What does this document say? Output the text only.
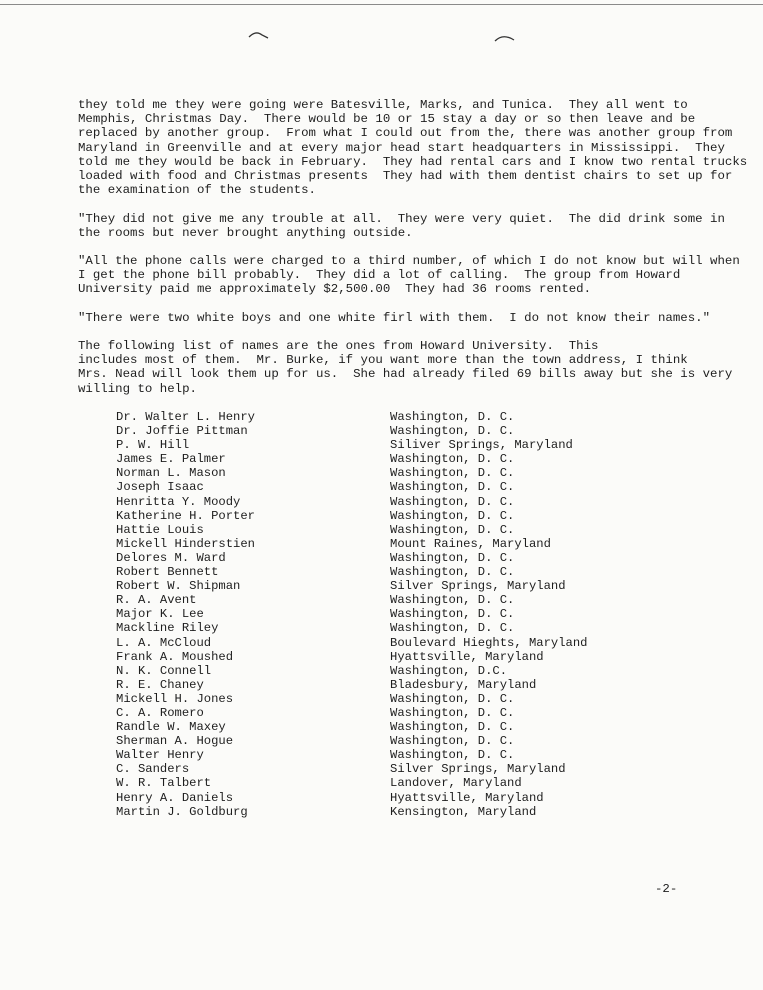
they told me they were going were Batesville, Marks, and Tunica.  They all went to
Memphis, Christmas Day.  There would be 10 or 15 stay a day or so then leave and be
replaced by another group.  From what I could out from the, there was another group from
Maryland in Greenville and at every major head start headquarters in Mississippi.  They
told me they would be back in February.  They had rental cars and I know two rental trucks
loaded with food and Christmas presents  They had with them dentist chairs to set up for
the examination of the students.

"They did not give me any trouble at all.  They were very quiet.  The did drink some in
the rooms but never brought anything outside.

"All the phone calls were charged to a third number, of which I do not know but will when
I get the phone bill probably.  They did a lot of calling.  The group from Howard
University paid me approximately $2,500.00  They had 36 rooms rented.

"There were two white boys and one white firl with them.  I do not know their names."

The following list of names are the ones from Howard University.  This
includes most of them.  Mr. Burke, if you want more than the town address, I think
Mrs. Nead will look them up for us.  She had already filed 69 bills away but she is very
willing to help.

Dr. Walter L. Henry	Washington, D. C.
Dr. Joffie Pittman	Washington, D. C.
P. W. Hill	Siliver Springs, Maryland
James E. Palmer	Washington, D. C.
Norman L. Mason	Washington, D. C.
Joseph Isaac	Washington, D. C.
Henritta Y. Moody	Washington, D. C.
Katherine H. Porter	Washington, D. C.
Hattie Louis	Washington, D. C.
Mickell Hinderstien	Mount Raines, Maryland
Delores M. Ward	Washington, D. C.
Robert Bennett	Washington, D. C.
Robert W. Shipman	Silver Springs, Maryland
R. A. Avent	Washington, D. C.
Major K. Lee	Washington, D. C.
Mackline Riley	Washington, D. C.
L. A. McCloud	Boulevard Hieghts, Maryland
Frank A. Moushed	Hyattsville, Maryland
N. K. Connell	Washington, D.C.
R. E. Chaney	Bladesbury, Maryland
Mickell H. Jones	Washington, D. C.
C. A. Romero	Washington, D. C.
Randle W. Maxey	Washington, D. C.
Sherman A. Hogue	Washington, D. C.
Walter Henry	Washington, D. C.
C. Sanders	Silver Springs, Maryland
W. R. Talbert	Landover, Maryland
Henry A. Daniels	Hyattsville, Maryland
Martin J. Goldburg	Kensington, Maryland
-2-
